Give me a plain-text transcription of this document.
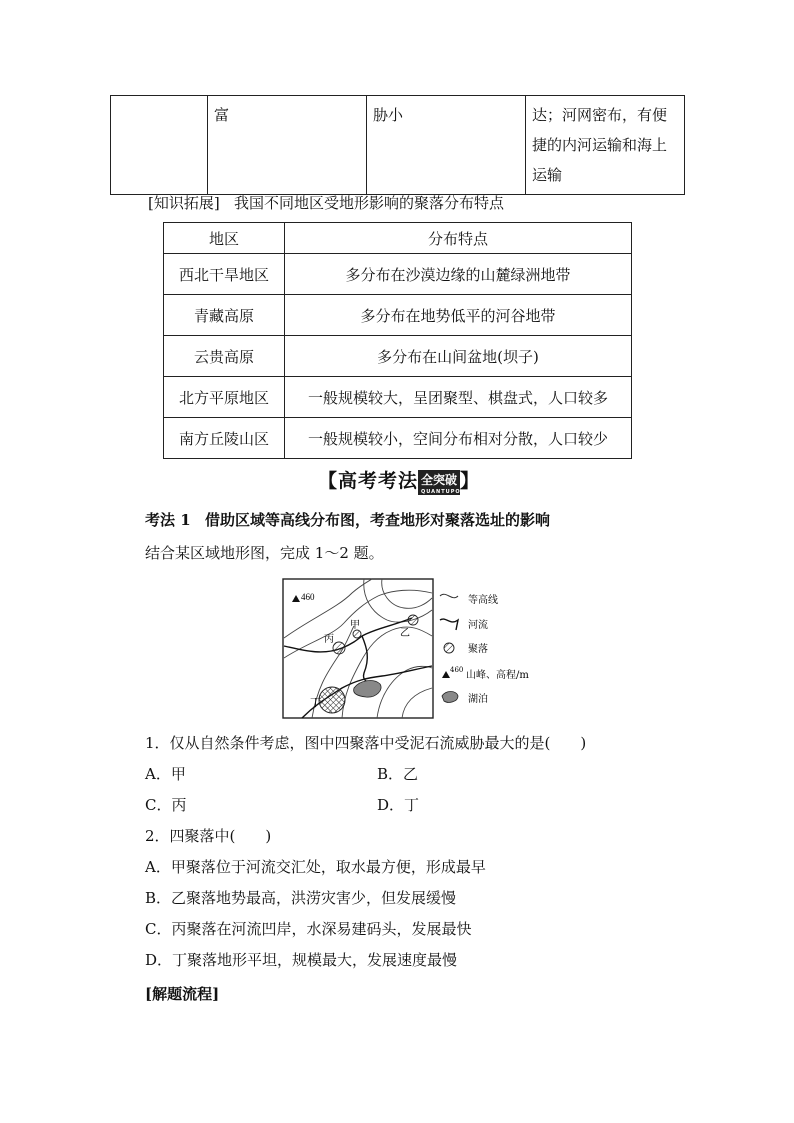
	富	胁小	达；河网密布，有便
捷的内河运输和海上
运输
[知识拓展] 我国不同地区受地形影响的聚落分布特点
地区	分布特点
西北干旱地区	多分布在沙漠边缘的山麓绿洲地带
青藏高原	多分布在地势低平的河谷地带
云贵高原	多分布在山间盆地(坝子)
北方平原地区	一般规模较大，呈团聚型、棋盘式，人口较多
南方丘陵山区	一般规模较小，空间分布相对分散，人口较少
【高考考法 全突破
QUANTUPO 】
考法 1 借助区域等高线分布图，考查地形对聚落选址的影响
结合某区域地形图，完成 1～2 题。
460
甲
乙
丙
丁
等高线
河流
聚落
460 山峰、高程/m
湖泊
1．仅从自然条件考虑，图中四聚落中受泥石流威胁最大的是(　　)
A．甲	B．乙
C．丙	D．丁
2．四聚落中(　　)
A．甲聚落位于河流交汇处，取水最方便，形成最早
B．乙聚落地势最高，洪涝灾害少，但发展缓慢
C．丙聚落在河流凹岸，水深易建码头，发展最快
D．丁聚落地形平坦，规模最大，发展速度最慢
[解题流程]
